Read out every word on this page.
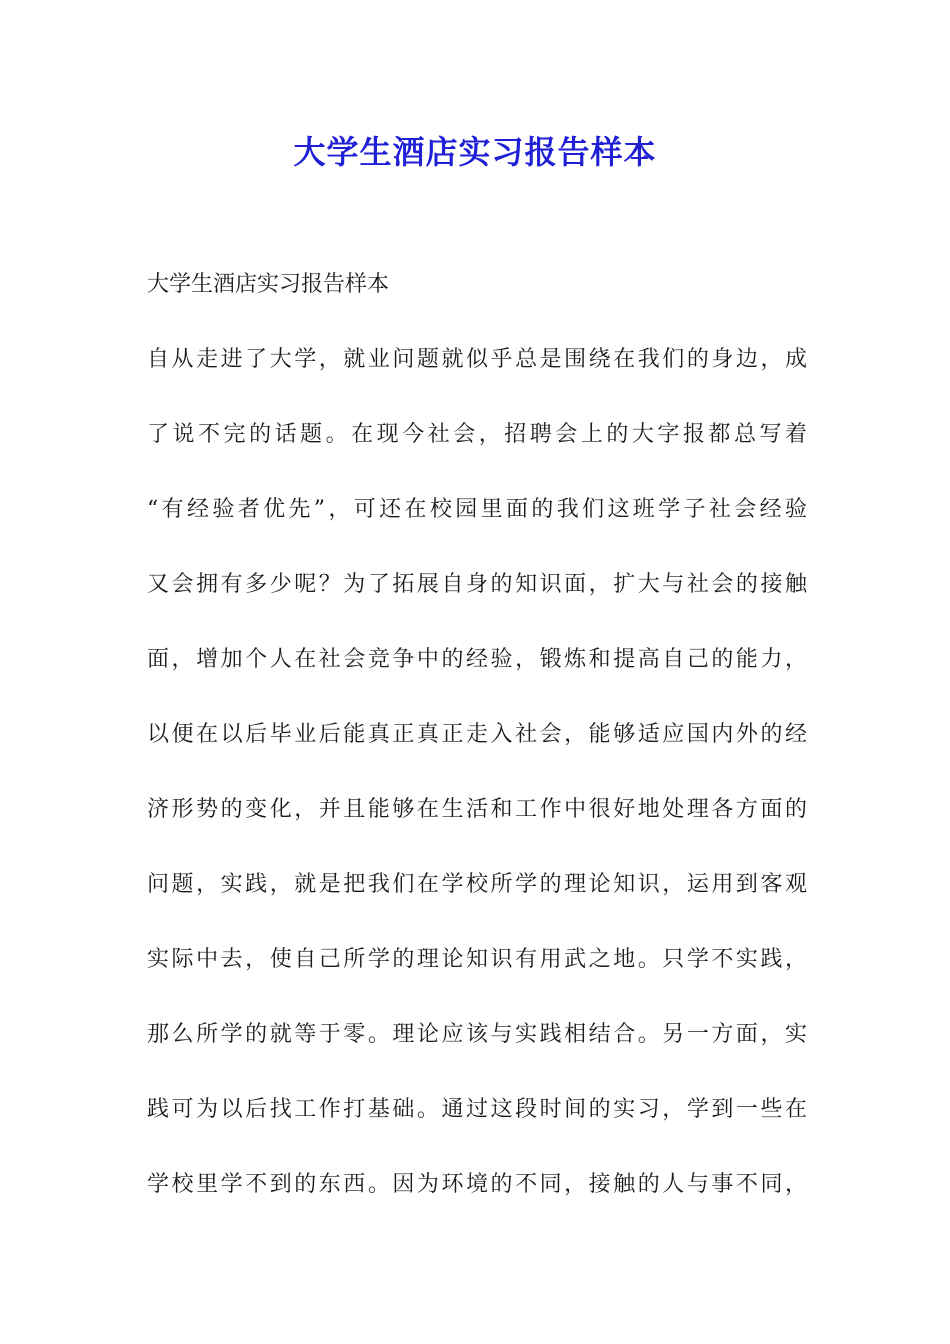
大学生酒店实习报告样本
大学生酒店实习报告样本
自从走进了大学，就业问题就似乎总是围绕在我们的身边，成
了说不完的话题。在现今社会，招聘会上的大字报都总写着
“有经验者优先”，可还在校园里面的我们这班学子社会经验
又会拥有多少呢？为了拓展自身的知识面，扩大与社会的接触
面，增加个人在社会竞争中的经验，锻炼和提高自己的能力，
以便在以后毕业后能真正真正走入社会，能够适应国内外的经
济形势的变化，并且能够在生活和工作中很好地处理各方面的
问题，实践，就是把我们在学校所学的理论知识，运用到客观
实际中去，使自己所学的理论知识有用武之地。只学不实践，
那么所学的就等于零。理论应该与实践相结合。另一方面，实
践可为以后找工作打基础。通过这段时间的实习，学到一些在
学校里学不到的东西。因为环境的不同，接触的人与事不同，
